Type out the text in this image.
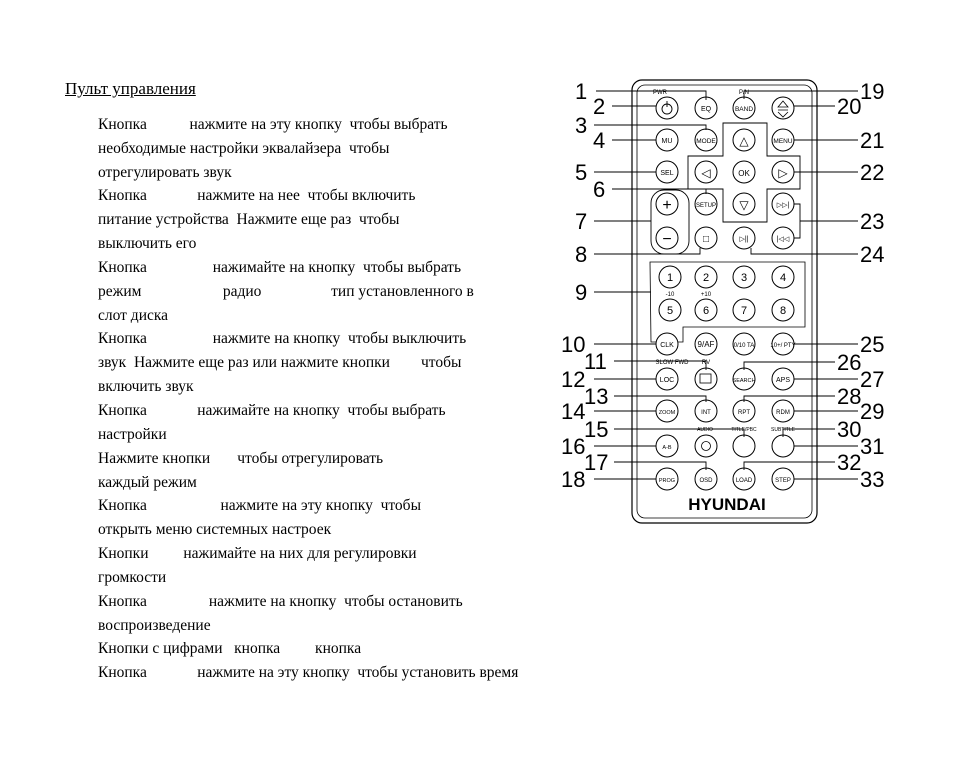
Пульт управления
Кнопка           нажмите на эту кнопку  чтобы выбрать
необходимые настройки эквалайзера  чтобы
отрегулировать звук
Кнопка             нажмите на нее  чтобы включить
питание устройства  Нажмите еще раз  чтобы
выключить его
Кнопка                 нажимайте на кнопку  чтобы выбрать
режим                     радио                  тип установленного в
слот диска
Кнопка                 нажмите на кнопку  чтобы выключить
звук  Нажмите еще раз или нажмите кнопки        чтобы
включить звук
Кнопка             нажимайте на кнопку  чтобы выбрать
настройки
Нажмите кнопки       чтобы отрегулировать
каждый режим
Кнопка                   нажмите на эту кнопку  чтобы
открыть меню системных настроек
Кнопки         нажимайте на них для регулировки
громкости
Кнопка                нажмите на кнопку  чтобы остановить
воспроизведение
Кнопки с цифрами   кнопка         кнопка
Кнопка             нажмите на эту кнопку  чтобы установить время
PWR	P/N
SLOW FWD RV
AUDIO	TITLE/PBC	SUBTITLE
EQ	BAND
MU	MODE △	MENU
SEL ◁	OK ▷
+	SETUP ▽	▷▷|
−	□	▷||	|◁◁
1	2	3	4
-10	+10
5	6	7	8
CLK	9/AF	0/10 TA	10+/ PTY
LOC	SEARCH	APS
ZOOM	INT	RPT	RDM
A-B
PROG	OSD	LOAD	STEP
HYUNDAI
1
2
3
4
5
6
7
8
9
10
11
12
13
14
15
16
17
18
19
20
21
22
23
24
25
26
27
28
29
30
31
32
33
